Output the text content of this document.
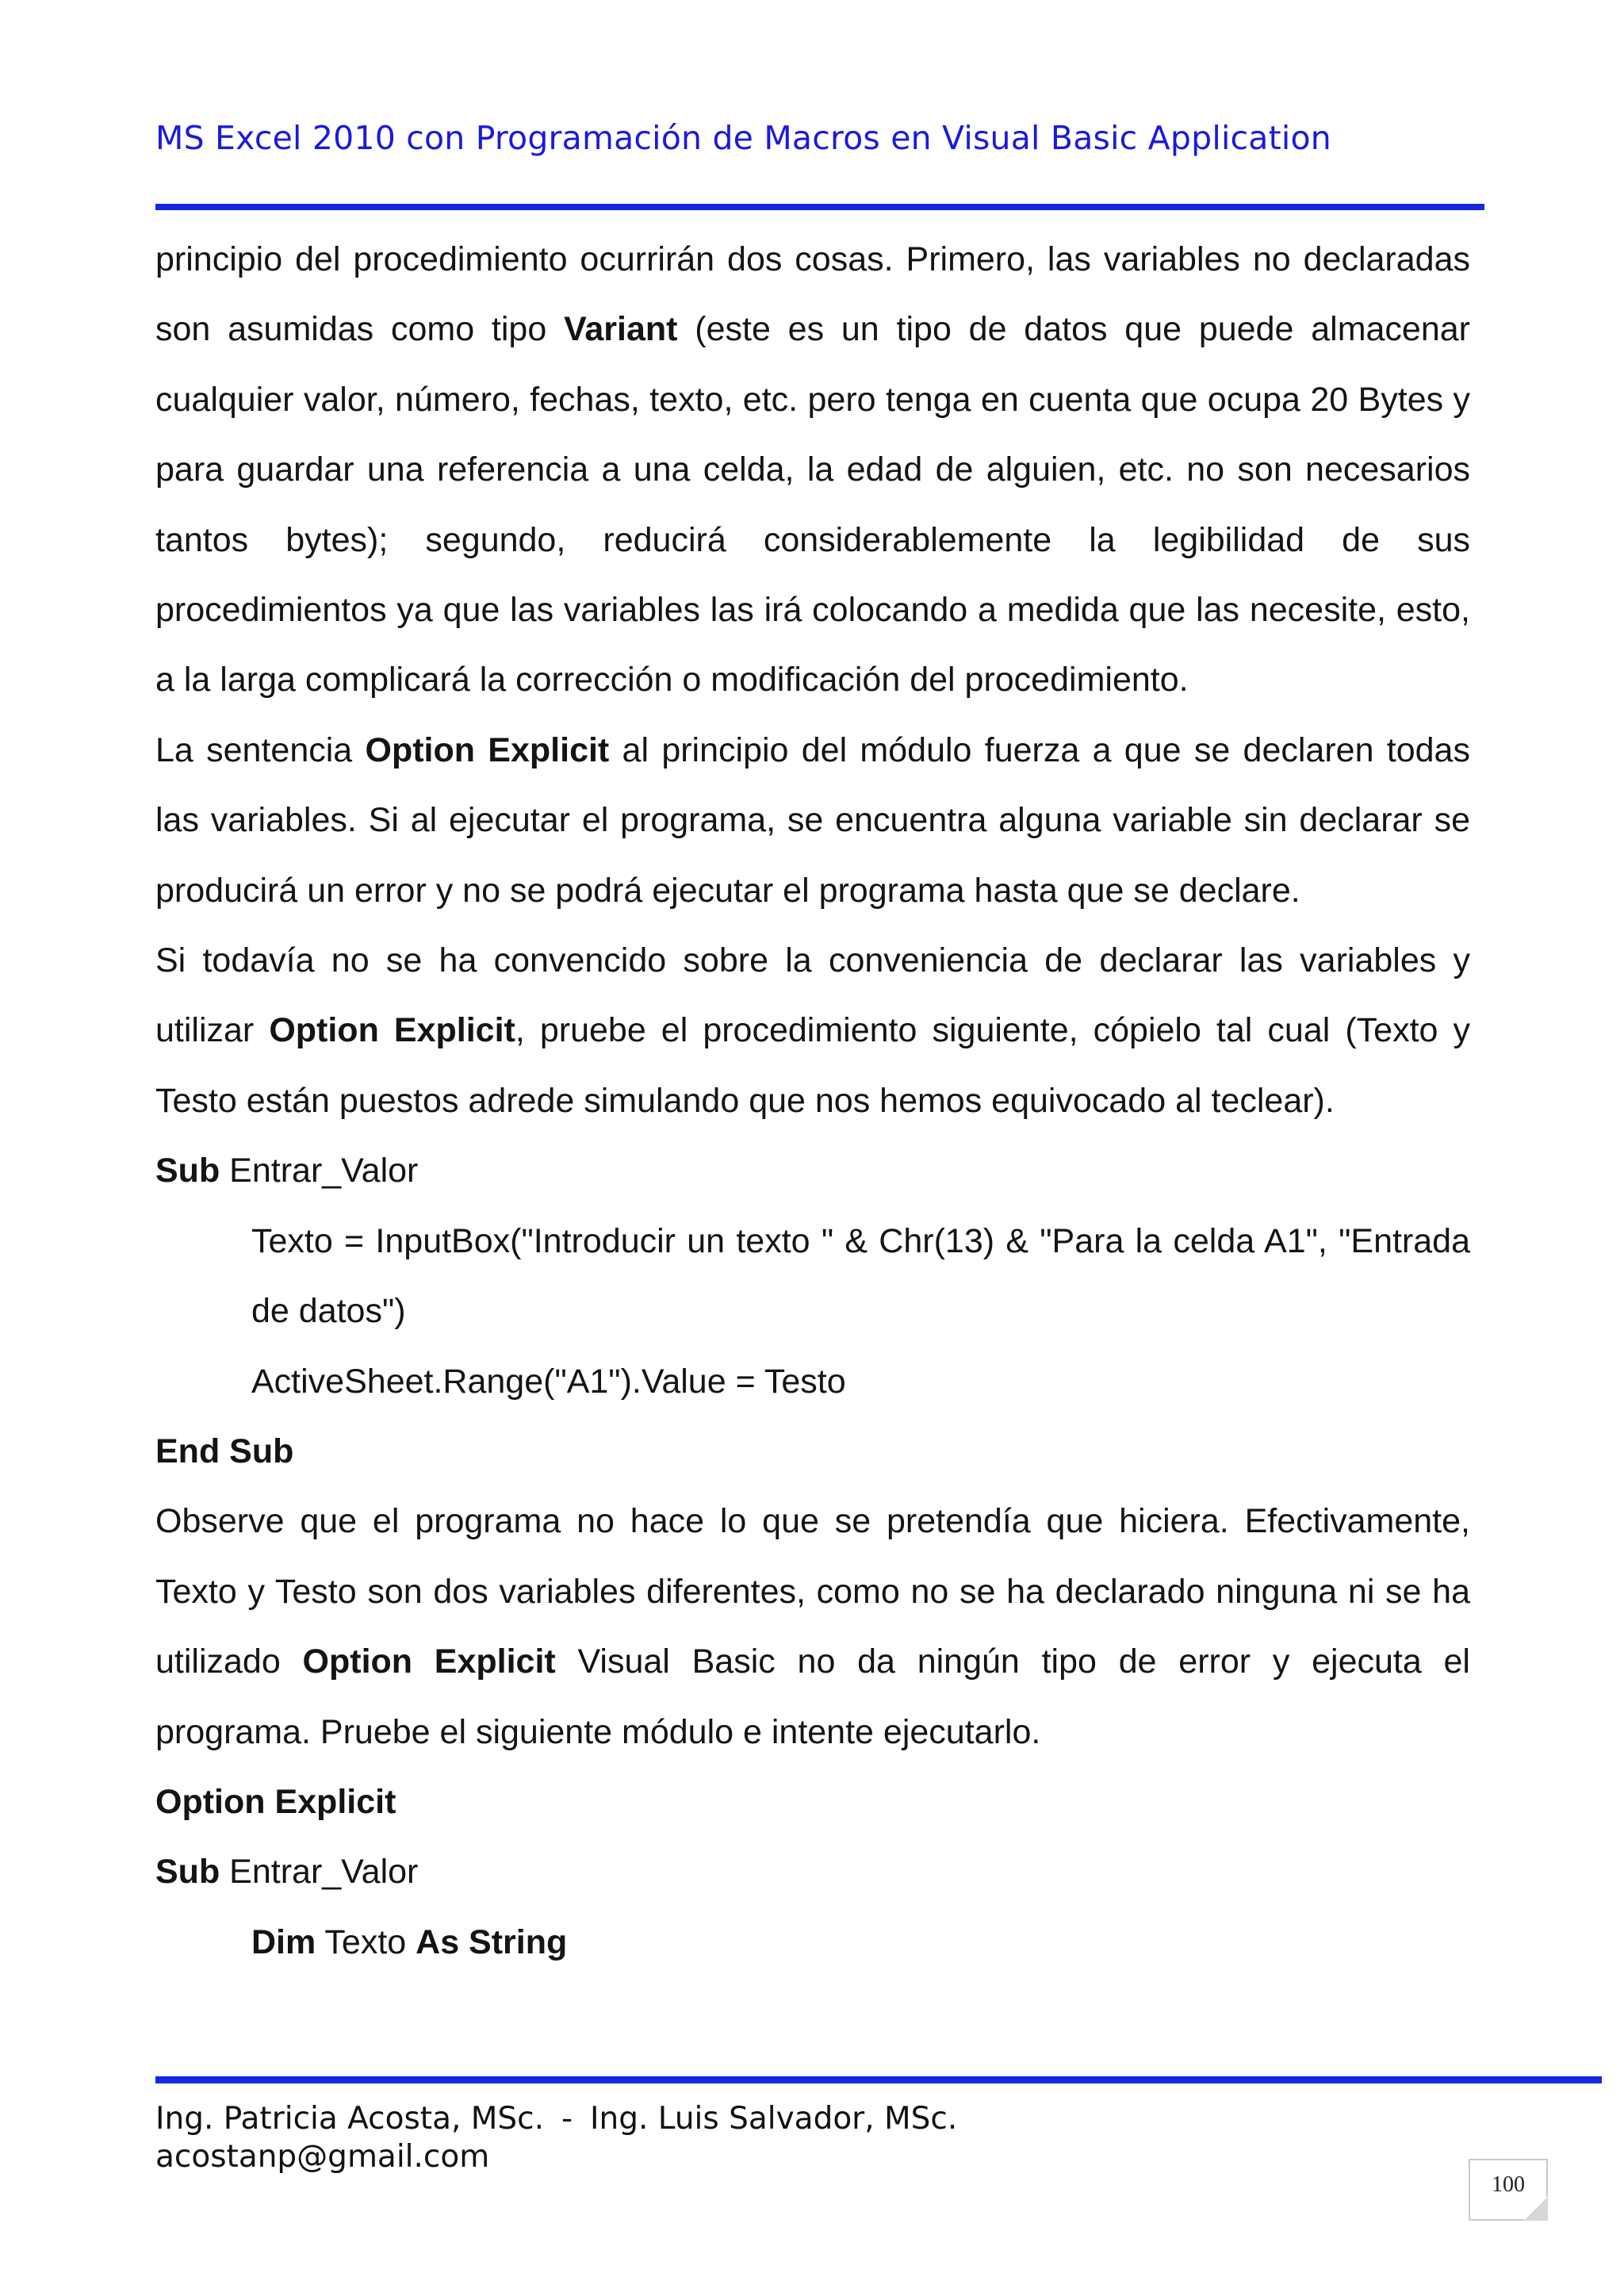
MS Excel 2010 con Programación de Macros en Visual Basic Application

principio del procedimiento ocurrirán dos cosas. Primero, las variables no declaradas son asumidas como tipo Variant (este es un tipo de datos que puede almacenar cualquier valor, número, fechas, texto, etc. pero tenga en cuenta que ocupa 20 Bytes y para guardar una referencia a una celda, la edad de alguien, etc. no son necesarios tantos bytes); segundo, reducirá considerablemente la legibilidad de sus procedimientos ya que las variables las irá colocando a medida que las necesite, esto, a la larga complicará la corrección o modificación del procedimiento.

La sentencia Option Explicit al principio del módulo fuerza a que se declaren todas las variables. Si al ejecutar el programa, se encuentra alguna variable sin declarar se producirá un error y no se podrá ejecutar el programa hasta que se declare.

Si todavía no se ha convencido sobre la conveniencia de declarar las variables y utilizar Option Explicit, pruebe el procedimiento siguiente, cópielo tal cual (Texto y Testo están puestos adrede simulando que nos hemos equivocado al teclear).

Sub Entrar_Valor

Texto = InputBox("Introducir un texto " & Chr(13) & "Para la celda A1", "Entrada de datos")

ActiveSheet.Range("A1").Value = Testo
End Sub

Observe que el programa no hace lo que se pretendía que hiciera. Efectivamente, Texto y Testo son dos variables diferentes, como no se ha declarado ninguna ni se ha utilizado Option Explicit Visual Basic no da ningún tipo de error y ejecuta el programa. Pruebe el siguiente módulo e intente ejecutarlo.

Option Explicit
Sub Entrar_Valor
Dim Texto As String
Ing. Patricia Acosta, MSc. - Ing. Luis Salvador, MSc.
acostanp@gmail.com
100
